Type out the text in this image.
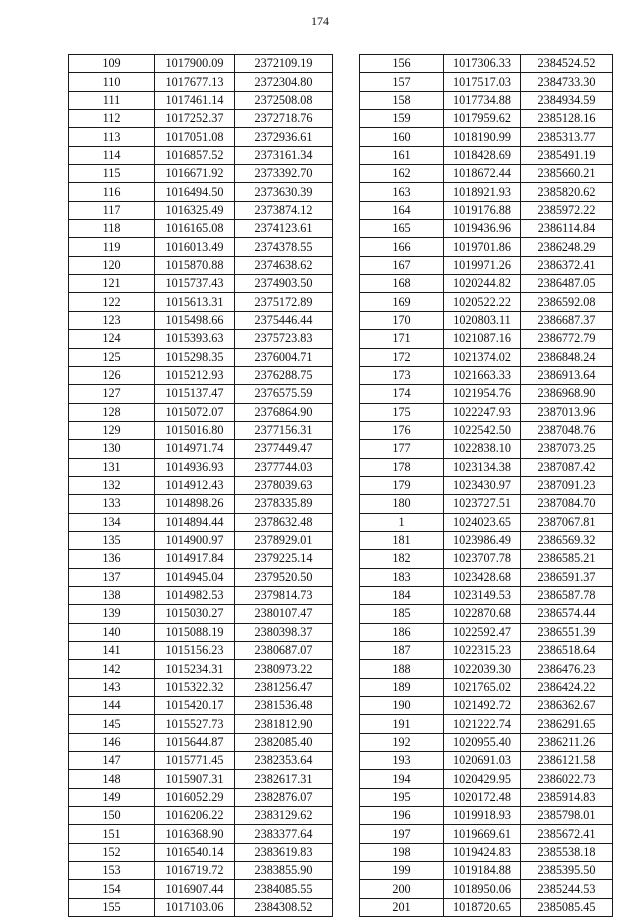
174
109	1017900.09	2372109.19
110	1017677.13	2372304.80
111	1017461.14	2372508.08
112	1017252.37	2372718.76
113	1017051.08	2372936.61
114	1016857.52	2373161.34
115	1016671.92	2373392.70
116	1016494.50	2373630.39
117	1016325.49	2373874.12
118	1016165.08	2374123.61
119	1016013.49	2374378.55
120	1015870.88	2374638.62
121	1015737.43	2374903.50
122	1015613.31	2375172.89
123	1015498.66	2375446.44
124	1015393.63	2375723.83
125	1015298.35	2376004.71
126	1015212.93	2376288.75
127	1015137.47	2376575.59
128	1015072.07	2376864.90
129	1015016.80	2377156.31
130	1014971.74	2377449.47
131	1014936.93	2377744.03
132	1014912.43	2378039.63
133	1014898.26	2378335.89
134	1014894.44	2378632.48
135	1014900.97	2378929.01
136	1014917.84	2379225.14
137	1014945.04	2379520.50
138	1014982.53	2379814.73
139	1015030.27	2380107.47
140	1015088.19	2380398.37
141	1015156.23	2380687.07
142	1015234.31	2380973.22
143	1015322.32	2381256.47
144	1015420.17	2381536.48
145	1015527.73	2381812.90
146	1015644.87	2382085.40
147	1015771.45	2382353.64
148	1015907.31	2382617.31
149	1016052.29	2382876.07
150	1016206.22	2383129.62
151	1016368.90	2383377.64
152	1016540.14	2383619.83
153	1016719.72	2383855.90
154	1016907.44	2384085.55
155	1017103.06	2384308.52
156	1017306.33	2384524.52
157	1017517.03	2384733.30
158	1017734.88	2384934.59
159	1017959.62	2385128.16
160	1018190.99	2385313.77
161	1018428.69	2385491.19
162	1018672.44	2385660.21
163	1018921.93	2385820.62
164	1019176.88	2385972.22
165	1019436.96	2386114.84
166	1019701.86	2386248.29
167	1019971.26	2386372.41
168	1020244.82	2386487.05
169	1020522.22	2386592.08
170	1020803.11	2386687.37
171	1021087.16	2386772.79
172	1021374.02	2386848.24
173	1021663.33	2386913.64
174	1021954.76	2386968.90
175	1022247.93	2387013.96
176	1022542.50	2387048.76
177	1022838.10	2387073.25
178	1023134.38	2387087.42
179	1023430.97	2387091.23
180	1023727.51	2387084.70
1	1024023.65	2387067.81
181	1023986.49	2386569.32
182	1023707.78	2386585.21
183	1023428.68	2386591.37
184	1023149.53	2386587.78
185	1022870.68	2386574.44
186	1022592.47	2386551.39
187	1022315.23	2386518.64
188	1022039.30	2386476.23
189	1021765.02	2386424.22
190	1021492.72	2386362.67
191	1021222.74	2386291.65
192	1020955.40	2386211.26
193	1020691.03	2386121.58
194	1020429.95	2386022.73
195	1020172.48	2385914.83
196	1019918.93	2385798.01
197	1019669.61	2385672.41
198	1019424.83	2385538.18
199	1019184.88	2385395.50
200	1018950.06	2385244.53
201	1018720.65	2385085.45
